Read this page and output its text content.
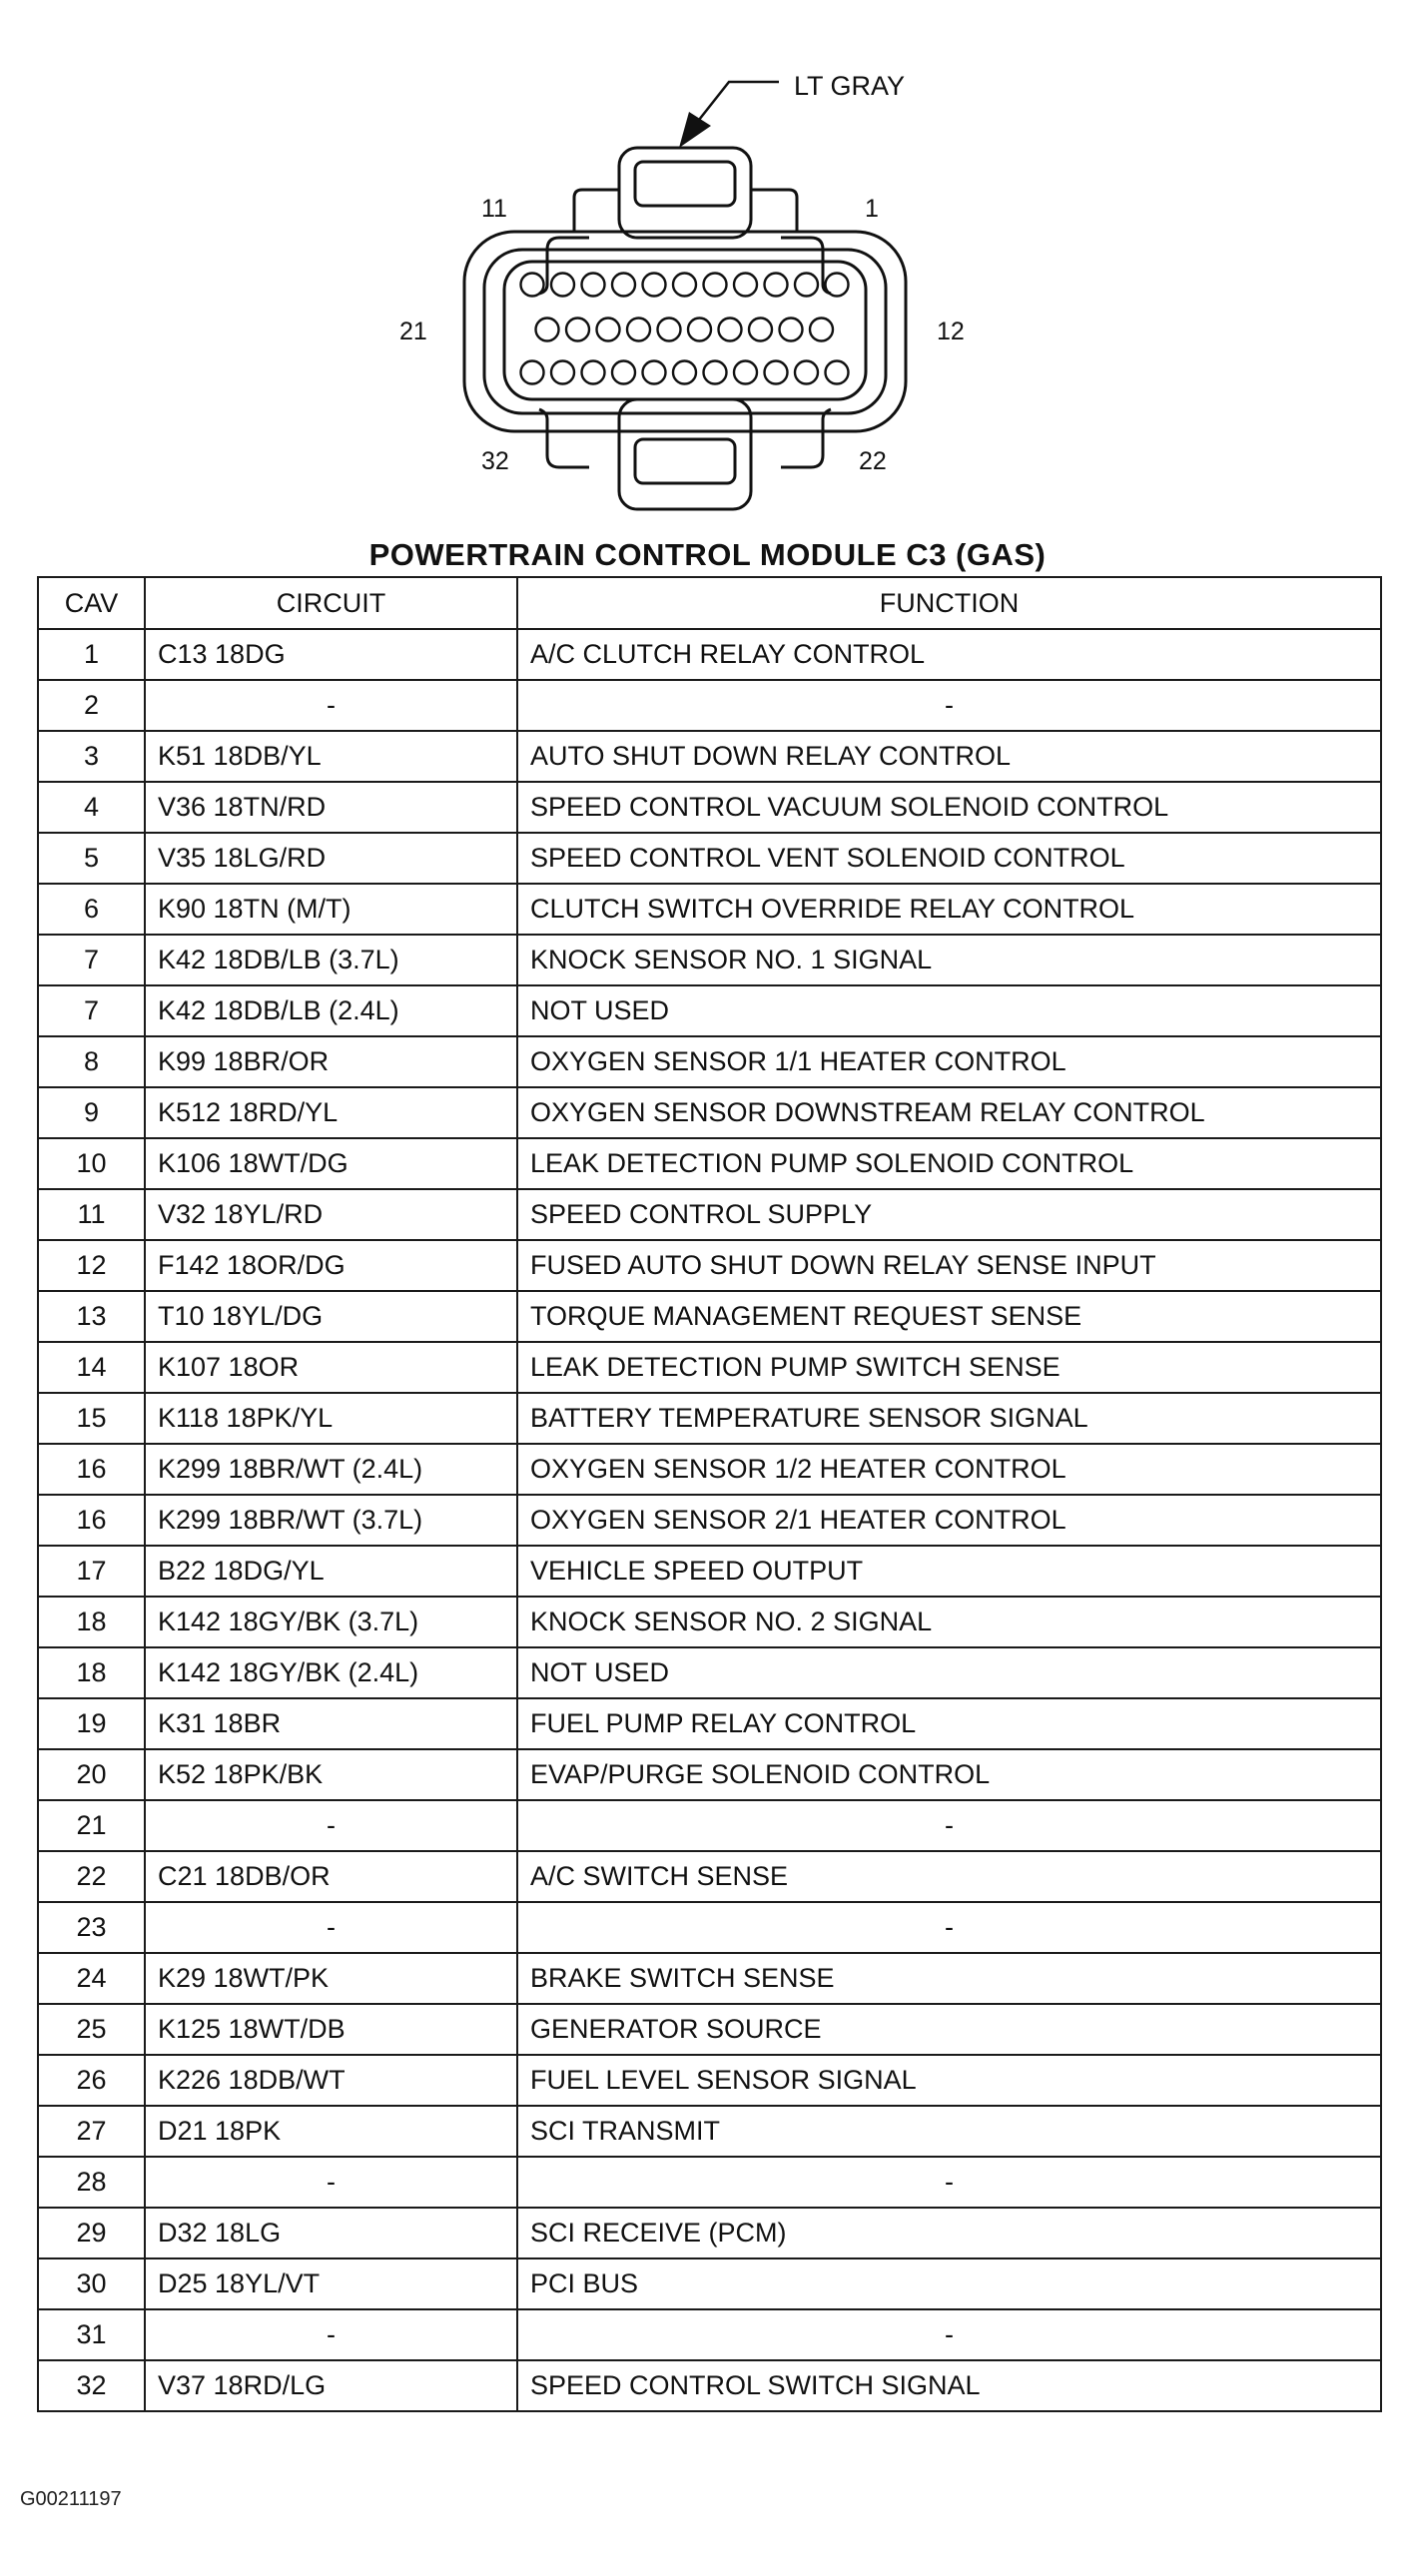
LT GRAY
11	1
21	12
32	22
POWERTRAIN CONTROL MODULE C3 (GAS)
CAV	CIRCUIT	FUNCTION
1	C13 18DG	A/C CLUTCH RELAY CONTROL
2	-	-
3	K51 18DB/YL	AUTO SHUT DOWN RELAY CONTROL
4	V36 18TN/RD	SPEED CONTROL VACUUM SOLENOID CONTROL
5	V35 18LG/RD	SPEED CONTROL VENT SOLENOID CONTROL
6	K90 18TN (M/T)	CLUTCH SWITCH OVERRIDE RELAY CONTROL
7	K42 18DB/LB (3.7L)	KNOCK SENSOR NO. 1 SIGNAL
7	K42 18DB/LB (2.4L)	NOT USED
8	K99 18BR/OR	OXYGEN SENSOR 1/1 HEATER CONTROL
9	K512 18RD/YL	OXYGEN SENSOR DOWNSTREAM RELAY CONTROL
10	K106 18WT/DG	LEAK DETECTION PUMP SOLENOID CONTROL
11	V32 18YL/RD	SPEED CONTROL SUPPLY
12	F142 18OR/DG	FUSED AUTO SHUT DOWN RELAY SENSE INPUT
13	T10 18YL/DG	TORQUE MANAGEMENT REQUEST SENSE
14	K107 18OR	LEAK DETECTION PUMP SWITCH SENSE
15	K118 18PK/YL	BATTERY TEMPERATURE SENSOR SIGNAL
16	K299 18BR/WT (2.4L)	OXYGEN SENSOR 1/2 HEATER CONTROL
16	K299 18BR/WT (3.7L)	OXYGEN SENSOR 2/1 HEATER CONTROL
17	B22 18DG/YL	VEHICLE SPEED OUTPUT
18	K142 18GY/BK (3.7L)	KNOCK SENSOR NO. 2 SIGNAL
18	K142 18GY/BK (2.4L)	NOT USED
19	K31 18BR	FUEL PUMP RELAY CONTROL
20	K52 18PK/BK	EVAP/PURGE SOLENOID CONTROL
21	-	-
22	C21 18DB/OR	A/C SWITCH SENSE
23	-	-
24	K29 18WT/PK	BRAKE SWITCH SENSE
25	K125 18WT/DB	GENERATOR SOURCE
26	K226 18DB/WT	FUEL LEVEL SENSOR SIGNAL
27	D21 18PK	SCI TRANSMIT
28	-	-
29	D32 18LG	SCI RECEIVE (PCM)
30	D25 18YL/VT	PCI BUS
31	-	-
32	V37 18RD/LG	SPEED CONTROL SWITCH SIGNAL
G00211197
